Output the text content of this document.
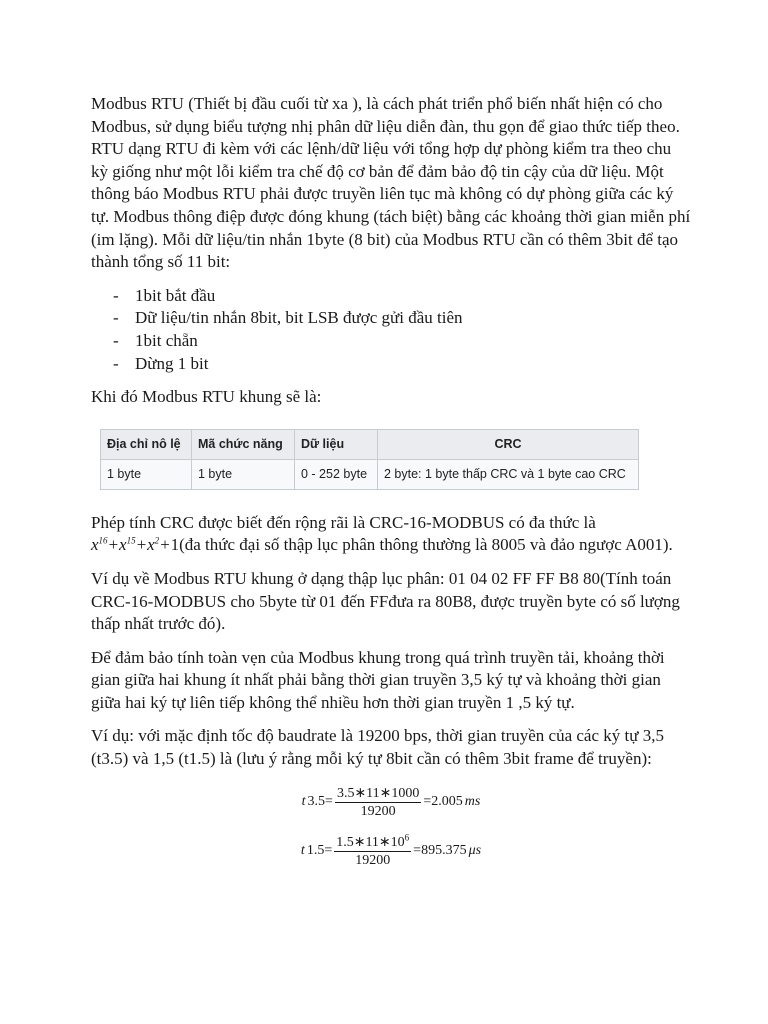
Modbus RTU (Thiết bị đầu cuối từ xa ), là cách phát triển phổ biến nhất hiện có cho Modbus, sử dụng biểu tượng nhị phân dữ liệu diễn đàn, thu gọn để giao thức tiếp theo. RTU dạng RTU đi kèm với các lệnh/dữ liệu với tổng hợp dự phòng kiểm tra theo chu kỳ giống như một lỗi kiểm tra chế độ cơ bản để đảm bảo độ tin cậy của dữ liệu. Một thông báo Modbus RTU phải được truyền liên tục mà không có dự phòng giữa các ký tự. Modbus thông điệp được đóng khung (tách biệt) bằng các khoảng thời gian miễn phí (im lặng). Mỗi dữ liệu/tin nhắn 1byte (8 bit) của Modbus RTU cần có thêm 3bit để tạo thành tổng số 11 bit:

- 1bit bắt đầu
- Dữ liệu/tin nhắn 8bit, bit LSB được gửi đầu tiên
- 1bit chẵn
- Dừng 1 bit

Khi đó Modbus RTU khung sẽ là:

Địa chỉ nô lệ	Mã chức năng	Dữ liệu	CRC
1 byte	1 byte	0 - 252 byte	2 byte: 1 byte thấp CRC và 1 byte cao CRC

Phép tính CRC được biết đến rộng rãi là CRC-16-MODBUS có đa thức là
$x^{16}+x^{15}+x^2+1(đa$ thức đại số thập lục phân thông thường là 8005 và đảo ngược A001).

Ví dụ về Modbus RTU khung ở dạng thập lục phân: 01 04 02 FF FF B8 80(Tính toán CRC-16-MODBUS cho 5byte từ 01 đến FFđưa ra 80B8, được truyền byte có số lượng thấp nhất trước đó).

Để đảm bảo tính toàn vẹn của Modbus khung trong quá trình truyền tải, khoảng thời gian giữa hai khung ít nhất phải bằng thời gian truyền 3,5 ký tự và khoảng thời gian giữa hai ký tự liên tiếp không thể nhiều hơn thời gian truyền 1 ,5 ký tự.

Ví dụ: với mặc định tốc độ baudrate là 19200 bps, thời gian truyền của các ký tự 3,5 (t3.5) và 1,5 (t1.5) là (lưu ý rằng mỗi ký tự 8bit cần có thêm 3bit frame để truyền):

t $3.5 = \frac{3.5∗11∗1000}{19200} = 2.005$ ms
t $1.5 = \frac{1.5∗11∗10^6}{19200} = 895.375$ μs
